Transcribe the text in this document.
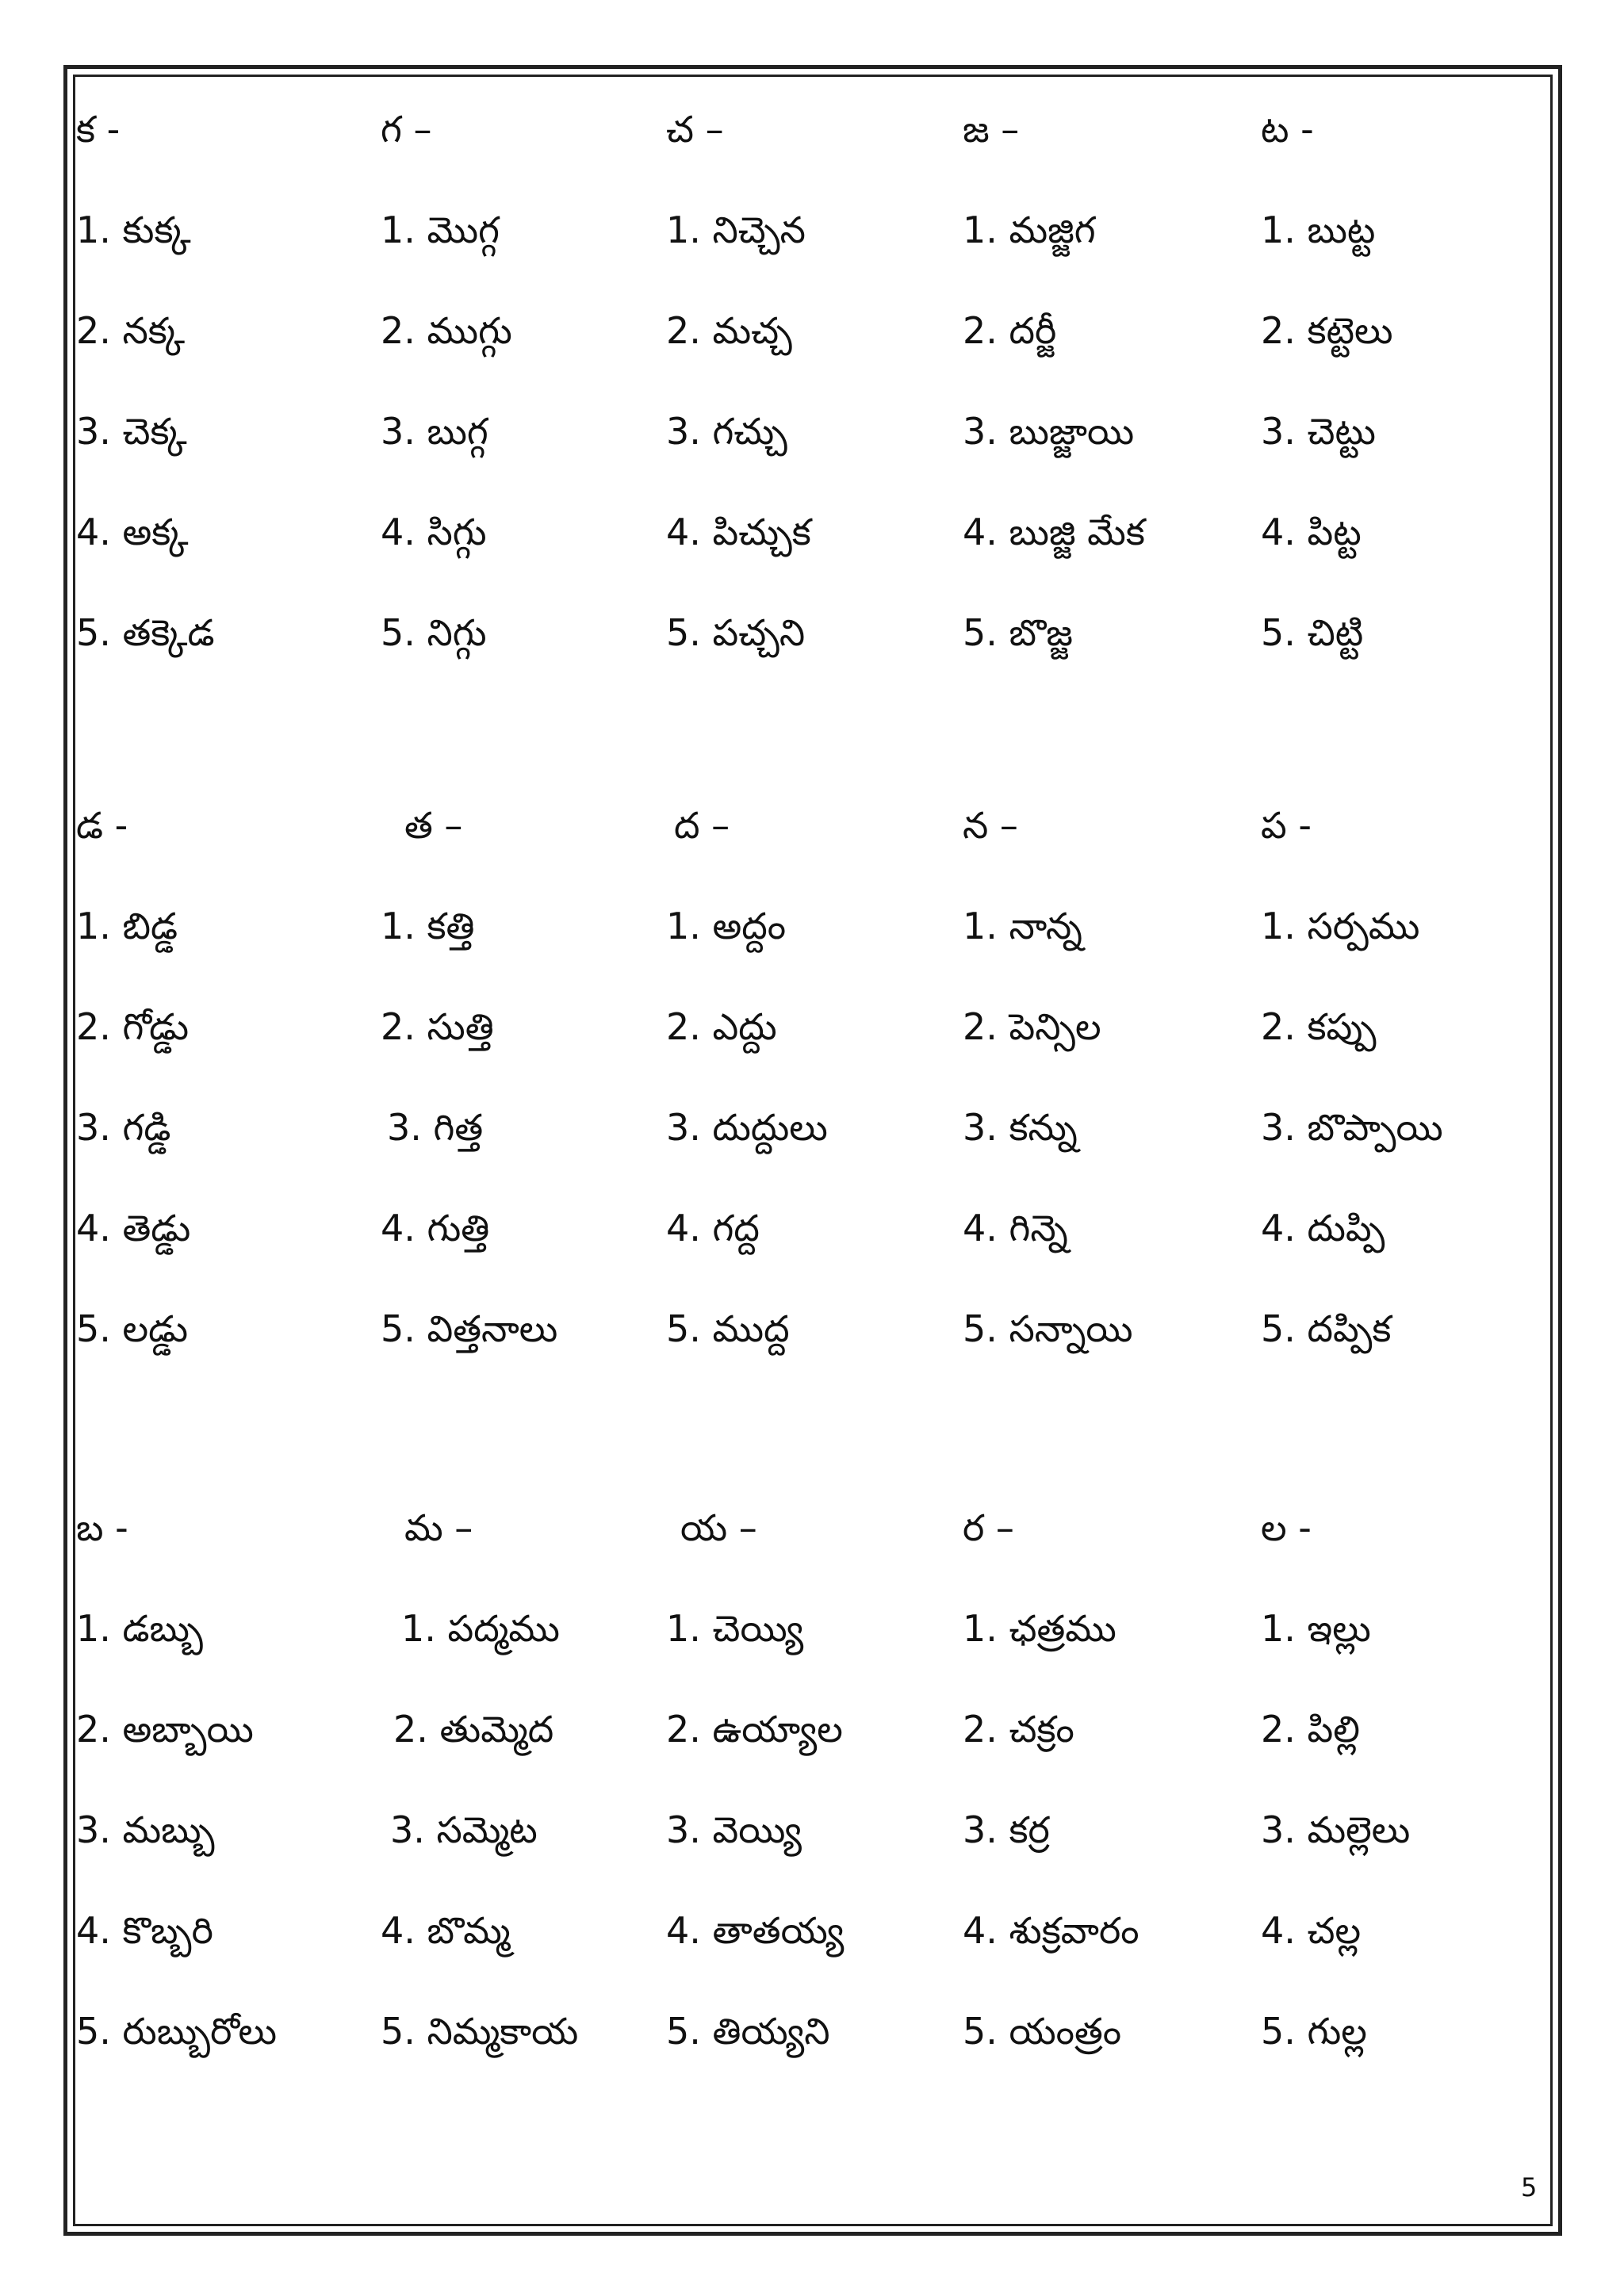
క -
1. కుక్క
2. నక్క
3. చెక్క
4. అక్క
5. తక్కెడ
గ –
1. మొగ్గ
2. ముగ్గు
3. బుగ్గ
4. సిగ్గు
5. నిగ్గు
చ –
1. నిచ్చెన
2. మచ్చ
3. గచ్చు
4. పిచ్చుక
5. పచ్చని
జ –
1. మజ్జిగ
2. దర్జీ
3. బుజ్జాయి
4. బుజ్జి మేక
5. బొజ్జ
ట -
1. బుట్ట
2. కట్టెలు
3. చెట్టు
4. పిట్ట
5. చిట్టి
డ -
1. బిడ్డ
2. గోడ్డు
3. గడ్డి
4. తెడ్డు
5. లడ్డు
త –
1. కత్తి
2. సుత్తి
3. గిత్త
4. గుత్తి
5. విత్తనాలు
ద –
1. అద్దం
2. ఎద్దు
3. దుద్దులు
4. గద్ద
5. ముద్ద
న –
1. నాన్న
2. పెన్సిల
3. కన్ను
4. గిన్నె
5. సన్నాయి
ప -
1. సర్పము
2. కప్పు
3. బొప్పాయి
4. దుప్పి
5. దప్పిక
బ -
1. డబ్బు
2. అబ్బాయి
3. మబ్బు
4. కొబ్బరి
5. రుబ్బురోలు
మ –
1. పద్మము
2. తుమ్మెద
3. సమ్మెట
4. బొమ్మ
5. నిమ్మకాయ
య –
1. చెయ్యి
2. ఉయ్యాల
3. వెయ్యి
4. తాతయ్య
5. తియ్యని
ర –
1. ఛత్రము
2. చక్రం
3. కర్ర
4. శుక్రవారం
5. యంత్రం
ల -
1. ఇల్లు
2. పిల్లి
3. మల్లెలు
4. చల్ల
5. గుల్ల
5
